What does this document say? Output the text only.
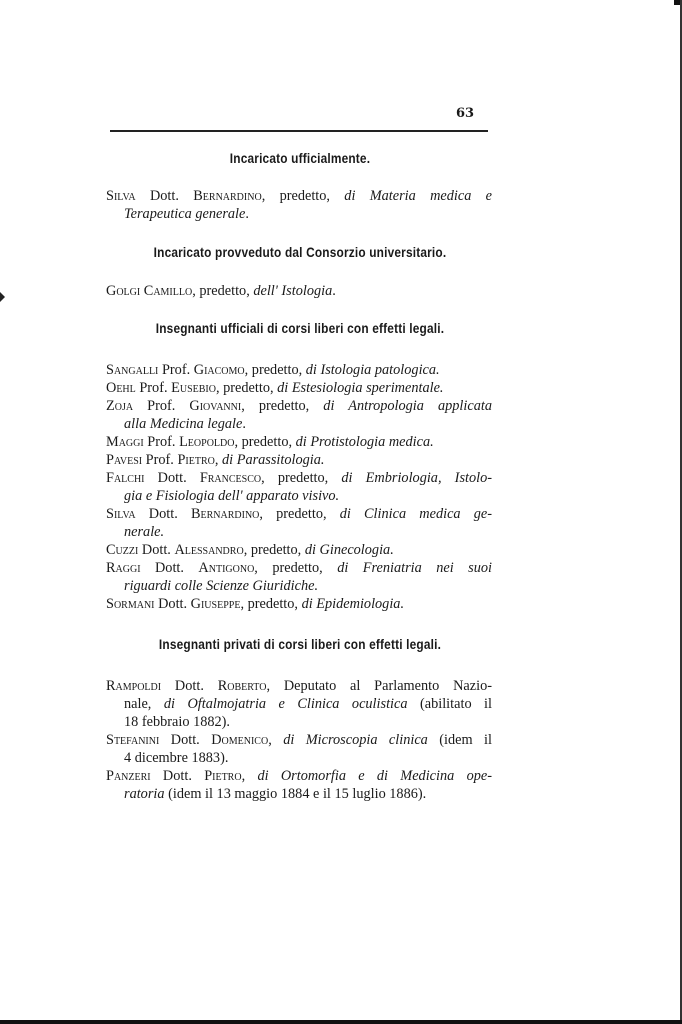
63
Incaricato ufficialmente.
Silva Dott. Bernardino, predetto, di Materia medica e
Terapeutica generale.
Incaricato provveduto dal Consorzio universitario.
Golgi Camillo, predetto, dell' Istologia.
Insegnanti ufficiali di corsi liberi con effetti legali.
Sangalli Prof. Giacomo, predetto, di Istologia patologica.
Oehl Prof. Eusebio, predetto, di Estesiologia sperimentale.
Zoja Prof. Giovanni, predetto, di Antropologia applicata
alla Medicina legale.
Maggi Prof. Leopoldo, predetto, di Protistologia medica.
Pavesi Prof. Pietro, di Parassitologia.
Falchi Dott. Francesco, predetto, di Embriologia, Istolo-
gia e Fisiologia dell' apparato visivo.
Silva Dott. Bernardino, predetto, di Clinica medica ge-
nerale.
Cuzzi Dott. Alessandro, predetto, di Ginecologia.
Raggi Dott. Antigono, predetto, di Freniatria nei suoi
riguardi colle Scienze Giuridiche.
Sormani Dott. Giuseppe, predetto, di Epidemiologia.
Insegnanti privati di corsi liberi con effetti legali.
Rampoldi Dott. Roberto, Deputato al Parlamento Nazio-
nale, di Oftalmojatria e Clinica oculistica (abilitato il
18 febbraio 1882).
Stefanini Dott. Domenico, di Microscopia clinica (idem il
4 dicembre 1883).
Panzeri Dott. Pietro, di Ortomorfia e di Medicina ope-
ratoria (idem il 13 maggio 1884 e il 15 luglio 1886).
